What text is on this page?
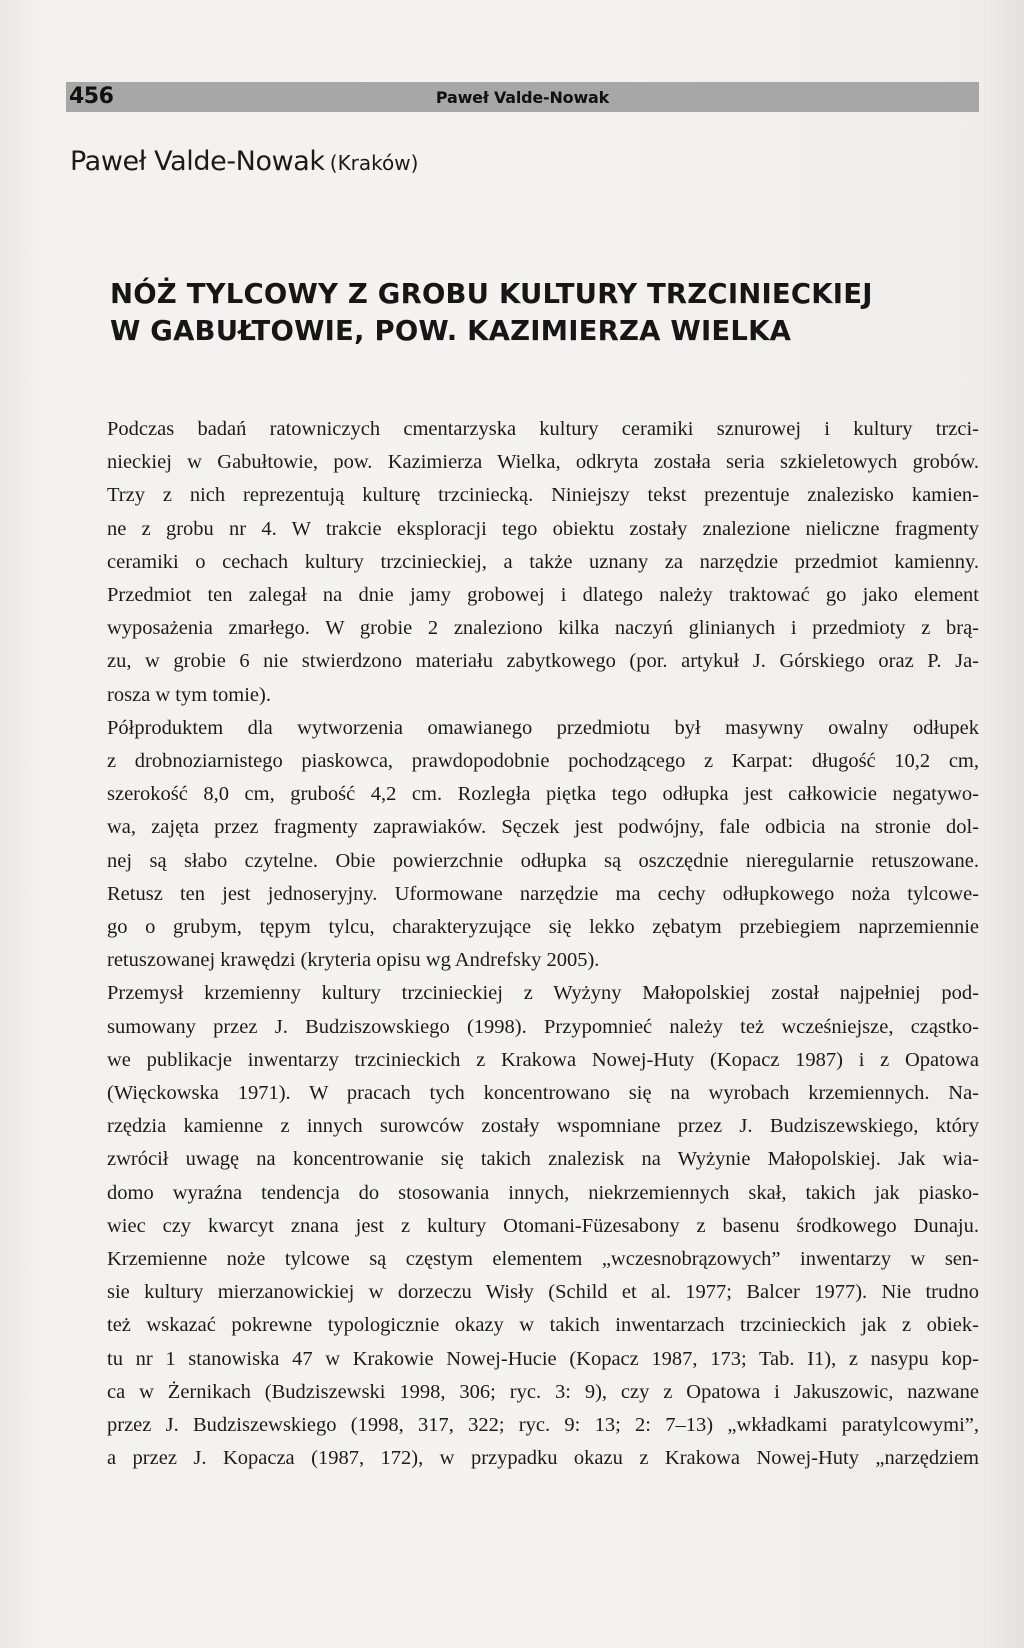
456	Paweł Valde-Nowak
Paweł Valde-Nowak (Kraków)
NÓŻ TYLCOWY Z GROBU KULTURY TRZCINIECKIEJ
W GABUŁTOWIE, POW. KAZIMIERZA WIELKA

Podczas badań ratowniczych cmentarzyska kultury ceramiki sznurowej i kultury trzci-
nieckiej w Gabułtowie, pow. Kazimierza Wielka, odkryta została seria szkieletowych grobów.
Trzy z nich reprezentują kulturę trzciniecką. Niniejszy tekst prezentuje znalezisko kamien-
ne z grobu nr 4. W trakcie eksploracji tego obiektu zostały znalezione nieliczne fragmenty
ceramiki o cechach kultury trzcinieckiej, a także uznany za narzędzie przedmiot kamienny.
Przedmiot ten zalegał na dnie jamy grobowej i dlatego należy traktować go jako element
wyposażenia zmarłego. W grobie 2 znaleziono kilka naczyń glinianych i przedmioty z brą-
zu, w grobie 6 nie stwierdzono materiału zabytkowego (por. artykuł J. Górskiego oraz P. Ja-
rosza w tym tomie).

Półproduktem dla wytworzenia omawianego przedmiotu był masywny owalny odłupek
z drobnoziarnistego piaskowca, prawdopodobnie pochodzącego z Karpat: długość 10,2 cm,
szerokość 8,0 cm, grubość 4,2 cm. Rozległa piętka tego odłupka jest całkowicie negatywo-
wa, zajęta przez fragmenty zaprawiaków. Sęczek jest podwójny, fale odbicia na stronie dol-
nej są słabo czytelne. Obie powierzchnie odłupka są oszczędnie nieregularnie retuszowane.
Retusz ten jest jednoseryjny. Uformowane narzędzie ma cechy odłupkowego noża tylcowe-
go o grubym, tępym tylcu, charakteryzujące się lekko zębatym przebiegiem naprzemiennie
retuszowanej krawędzi (kryteria opisu wg Andrefsky 2005).

Przemysł krzemienny kultury trzcinieckiej z Wyżyny Małopolskiej został najpełniej pod-
sumowany przez J. Budziszowskiego (1998). Przypomnieć należy też wcześniejsze, cząstko-
we publikacje inwentarzy trzcinieckich z Krakowa Nowej-Huty (Kopacz 1987) i z Opatowa
(Więckowska 1971). W pracach tych koncentrowano się na wyrobach krzemiennych. Na-
rzędzia kamienne z innych surowców zostały wspomniane przez J. Budziszewskiego, który
zwrócił uwagę na koncentrowanie się takich znalezisk na Wyżynie Małopolskiej. Jak wia-
domo wyraźna tendencja do stosowania innych, niekrzemiennych skał, takich jak piasko-
wiec czy kwarcyt znana jest z kultury Otomani-Füzesabony z basenu środkowego Dunaju.
Krzemienne noże tylcowe są częstym elementem „wczesnobrązowych” inwentarzy w sen-
sie kultury mierzanowickiej w dorzeczu Wisły (Schild et al. 1977; Balcer 1977). Nie trudno
też wskazać pokrewne typologicznie okazy w takich inwentarzach trzcinieckich jak z obiek-
tu nr 1 stanowiska 47 w Krakowie Nowej-Hucie (Kopacz 1987, 173; Tab. I1), z nasypu kop-
ca w Żernikach (Budziszewski 1998, 306; ryc. 3: 9), czy z Opatowa i Jakuszowic, nazwane
przez J. Budziszewskiego (1998, 317, 322; ryc. 9: 13; 2: 7–13) „wkładkami paratylcowymi”,
a przez J. Kopacza (1987, 172), w przypadku okazu z Krakowa Nowej-Huty „narzędziem
